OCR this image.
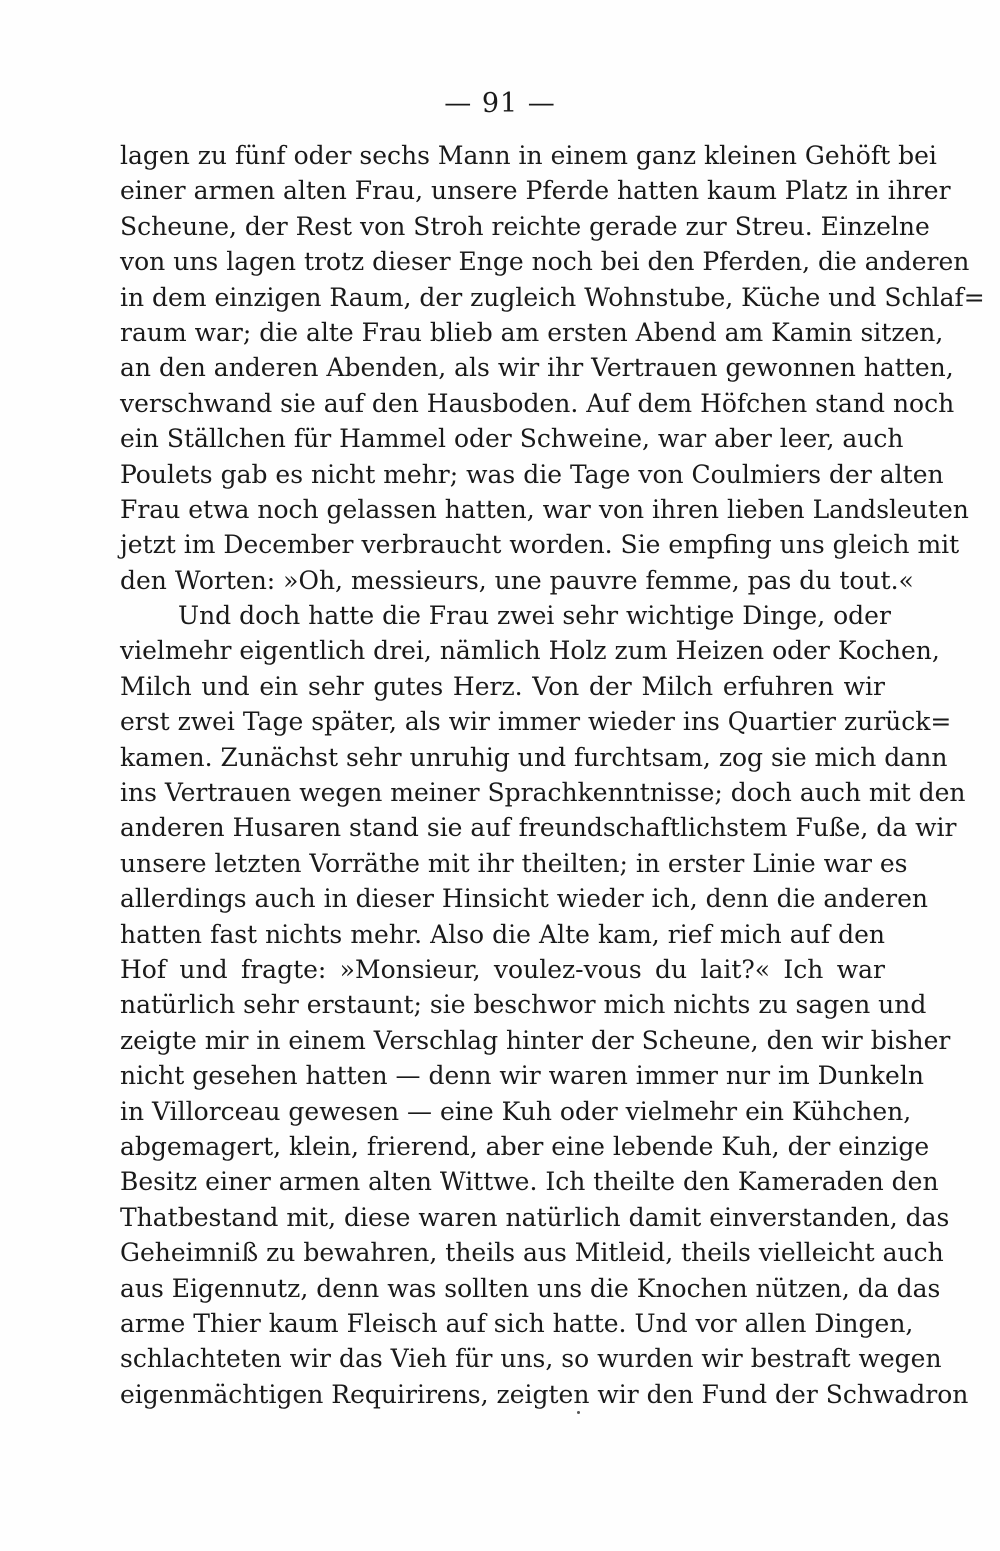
— 91 —
lagen zu fünf oder sechs Mann in einem ganz kleinen Gehöft bei
einer armen alten Frau, unsere Pferde hatten kaum Platz in ihrer
Scheune, der Rest von Stroh reichte gerade zur Streu. Einzelne
von uns lagen trotz dieser Enge noch bei den Pferden, die anderen
in dem einzigen Raum, der zugleich Wohnstube, Küche und Schlaf=
raum war; die alte Frau blieb am ersten Abend am Kamin sitzen,
an den anderen Abenden, als wir ihr Vertrauen gewonnen hatten,
verschwand sie auf den Hausboden. Auf dem Höfchen stand noch
ein Ställchen für Hammel oder Schweine, war aber leer, auch
Poulets gab es nicht mehr; was die Tage von Coulmiers der alten
Frau etwa noch gelassen hatten, war von ihren lieben Landsleuten
jetzt im December verbraucht worden. Sie empfing uns gleich mit
den Worten: »Oh, messieurs, une pauvre femme, pas du tout.«
Und doch hatte die Frau zwei sehr wichtige Dinge, oder
vielmehr eigentlich drei, nämlich Holz zum Heizen oder Kochen,
Milch und ein sehr gutes Herz. Von der Milch erfuhren wir
erst zwei Tage später, als wir immer wieder ins Quartier zurück=
kamen. Zunächst sehr unruhig und furchtsam, zog sie mich dann
ins Vertrauen wegen meiner Sprachkenntnisse; doch auch mit den
anderen Husaren stand sie auf freundschaftlichstem Fuße, da wir
unsere letzten Vorräthe mit ihr theilten; in erster Linie war es
allerdings auch in dieser Hinsicht wieder ich, denn die anderen
hatten fast nichts mehr. Also die Alte kam, rief mich auf den
Hof und fragte: »Monsieur, voulez-vous du lait?« Ich war
natürlich sehr erstaunt; sie beschwor mich nichts zu sagen und
zeigte mir in einem Verschlag hinter der Scheune, den wir bisher
nicht gesehen hatten — denn wir waren immer nur im Dunkeln
in Villorceau gewesen — eine Kuh oder vielmehr ein Kühchen,
abgemagert, klein, frierend, aber eine lebende Kuh, der einzige
Besitz einer armen alten Wittwe. Ich theilte den Kameraden den
Thatbestand mit, diese waren natürlich damit einverstanden, das
Geheimniß zu bewahren, theils aus Mitleid, theils vielleicht auch
aus Eigennutz, denn was sollten uns die Knochen nützen, da das
arme Thier kaum Fleisch auf sich hatte. Und vor allen Dingen,
schlachteten wir das Vieh für uns, so wurden wir bestraft wegen
eigenmächtigen Requirirens, zeigten wir den Fund der Schwadron
